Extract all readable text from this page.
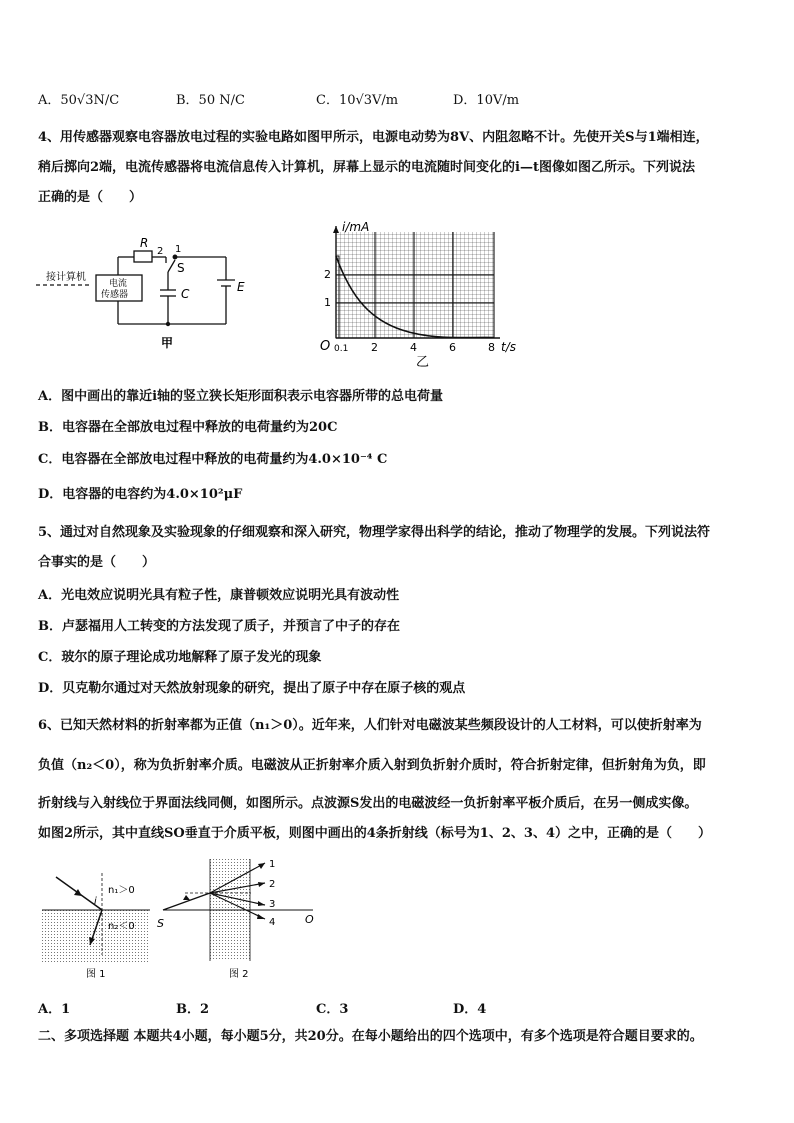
A．50√3N/C	B．50 N/C	C．10√3V/m	D．10V/m
4、用传感器观察电容器放电过程的实验电路如图甲所示，电源电动势为8V、内阻忽略不计。先使开关S与1端相连，
稍后掷向2端，电流传感器将电流信息传入计算机，屏幕上显示的电流随时间变化的i—t图像如图乙所示。下列说法
正确的是（　　）
R
2 1
S
C	E
接计算机
电流
传感器
甲
i/mA
2
1
O 0.1 2	4	6	8 t/s
乙
A．图中画出的靠近i轴的竖立狭长矩形面积表示电容器所带的总电荷量
B．电容器在全部放电过程中释放的电荷量约为20C
C．电容器在全部放电过程中释放的电荷量约为4.0×10⁻⁴ C
D．电容器的电容约为4.0×10²μF
5、通过对自然现象及实验现象的仔细观察和深入研究，物理学家得出科学的结论，推动了物理学的发展。下列说法符
合事实的是（　　）
A．光电效应说明光具有粒子性，康普顿效应说明光具有波动性
B．卢瑟福用人工转变的方法发现了质子，并预言了中子的存在
C．玻尔的原子理论成功地解释了原子发光的现象
D．贝克勒尔通过对天然放射现象的研究，提出了原子中存在原子核的观点
6、已知天然材料的折射率都为正值（n₁＞0）。近年来，人们针对电磁波某些频段设计的人工材料，可以使折射率为
负值（n₂＜0），称为负折射率介质。电磁波从正折射率介质入射到负折射介质时，符合折射定律，但折射角为负，即
折射线与入射线位于界面法线同侧，如图所示。点波源S发出的电磁波经一负折射率平板介质后，在另一侧成实像。
如图2所示，其中直线SO垂直于介质平板，则图中画出的4条折射线（标号为1、2、3、4）之中，正确的是（　　）
i
n₁＞0
n₂＜0
图 1
1
2
3
4
S	O
图 2
A．1	B．2	C．3	D．4
二、多项选择题 本题共4小题，每小题5分，共20分。在每小题给出的四个选项中，有多个选项是符合题目要求的。
